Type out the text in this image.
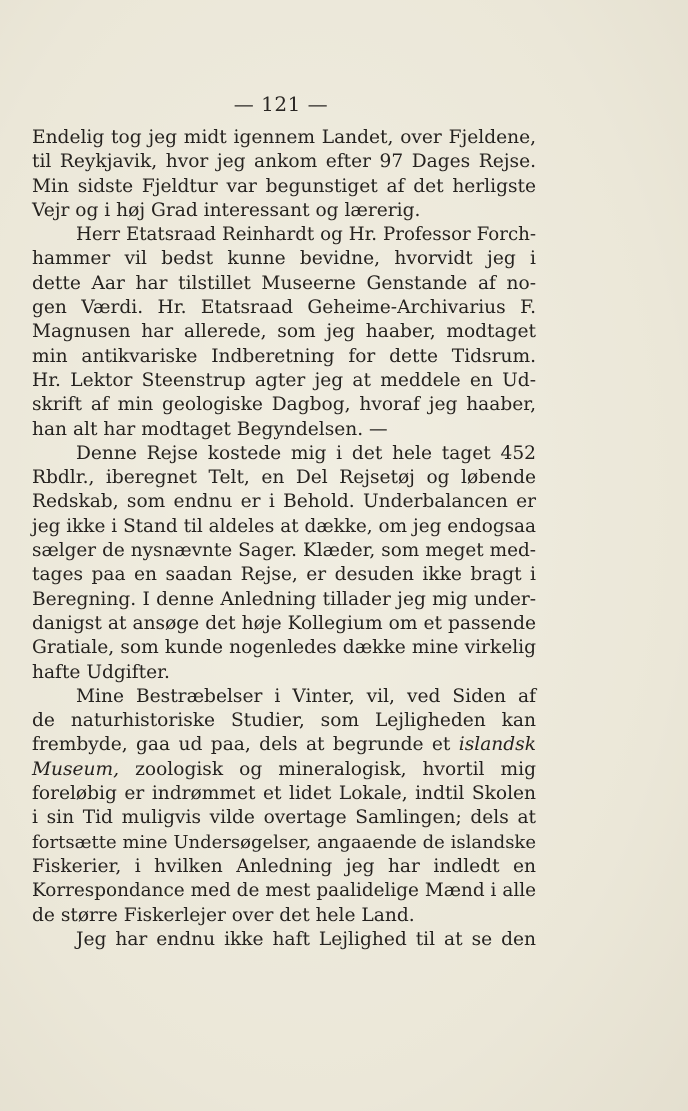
— 121 —
Endelig tog jeg midt igennem Landet, over Fjeldene,
til Reykjavik, hvor jeg ankom efter 97 Dages Rejse.
Min sidste Fjeldtur var begunstiget af det herligste
Vejr og i høj Grad interessant og lærerig.
Herr Etatsraad Reinhardt og Hr. Professor Forch-
hammer vil bedst kunne bevidne, hvorvidt jeg i
dette Aar har tilstillet Museerne Genstande af no-
gen Værdi. Hr. Etatsraad Geheime-Archivarius F.
Magnusen har allerede, som jeg haaber, modtaget
min antikvariske Indberetning for dette Tidsrum.
Hr. Lektor Steenstrup agter jeg at meddele en Ud-
skrift af min geologiske Dagbog, hvoraf jeg haaber,
han alt har modtaget Begyndelsen. —
Denne Rejse kostede mig i det hele taget 452
Rbdlr., iberegnet Telt, en Del Rejsetøj og løbende
Redskab, som endnu er i Behold. Underbalancen er
jeg ikke i Stand til aldeles at dække, om jeg endogsaa
sælger de nysnævnte Sager. Klæder, som meget med-
tages paa en saadan Rejse, er desuden ikke bragt i
Beregning. I denne Anledning tillader jeg mig under-
danigst at ansøge det høje Kollegium om et passende
Gratiale, som kunde nogenledes dække mine virkelig
hafte Udgifter.
Mine Bestræbelser i Vinter, vil, ved Siden af
de naturhistoriske Studier, som Lejligheden kan
frembyde, gaa ud paa, dels at begrunde et islandsk
Museum, zoologisk og mineralogisk, hvortil mig
foreløbig er indrømmet et lidet Lokale, indtil Skolen
i sin Tid muligvis vilde overtage Samlingen; dels at
fortsætte mine Undersøgelser, angaaende de islandske
Fiskerier, i hvilken Anledning jeg har indledt en
Korrespondance med de mest paalidelige Mænd i alle
de større Fiskerlejer over det hele Land.
Jeg har endnu ikke haft Lejlighed til at se den
